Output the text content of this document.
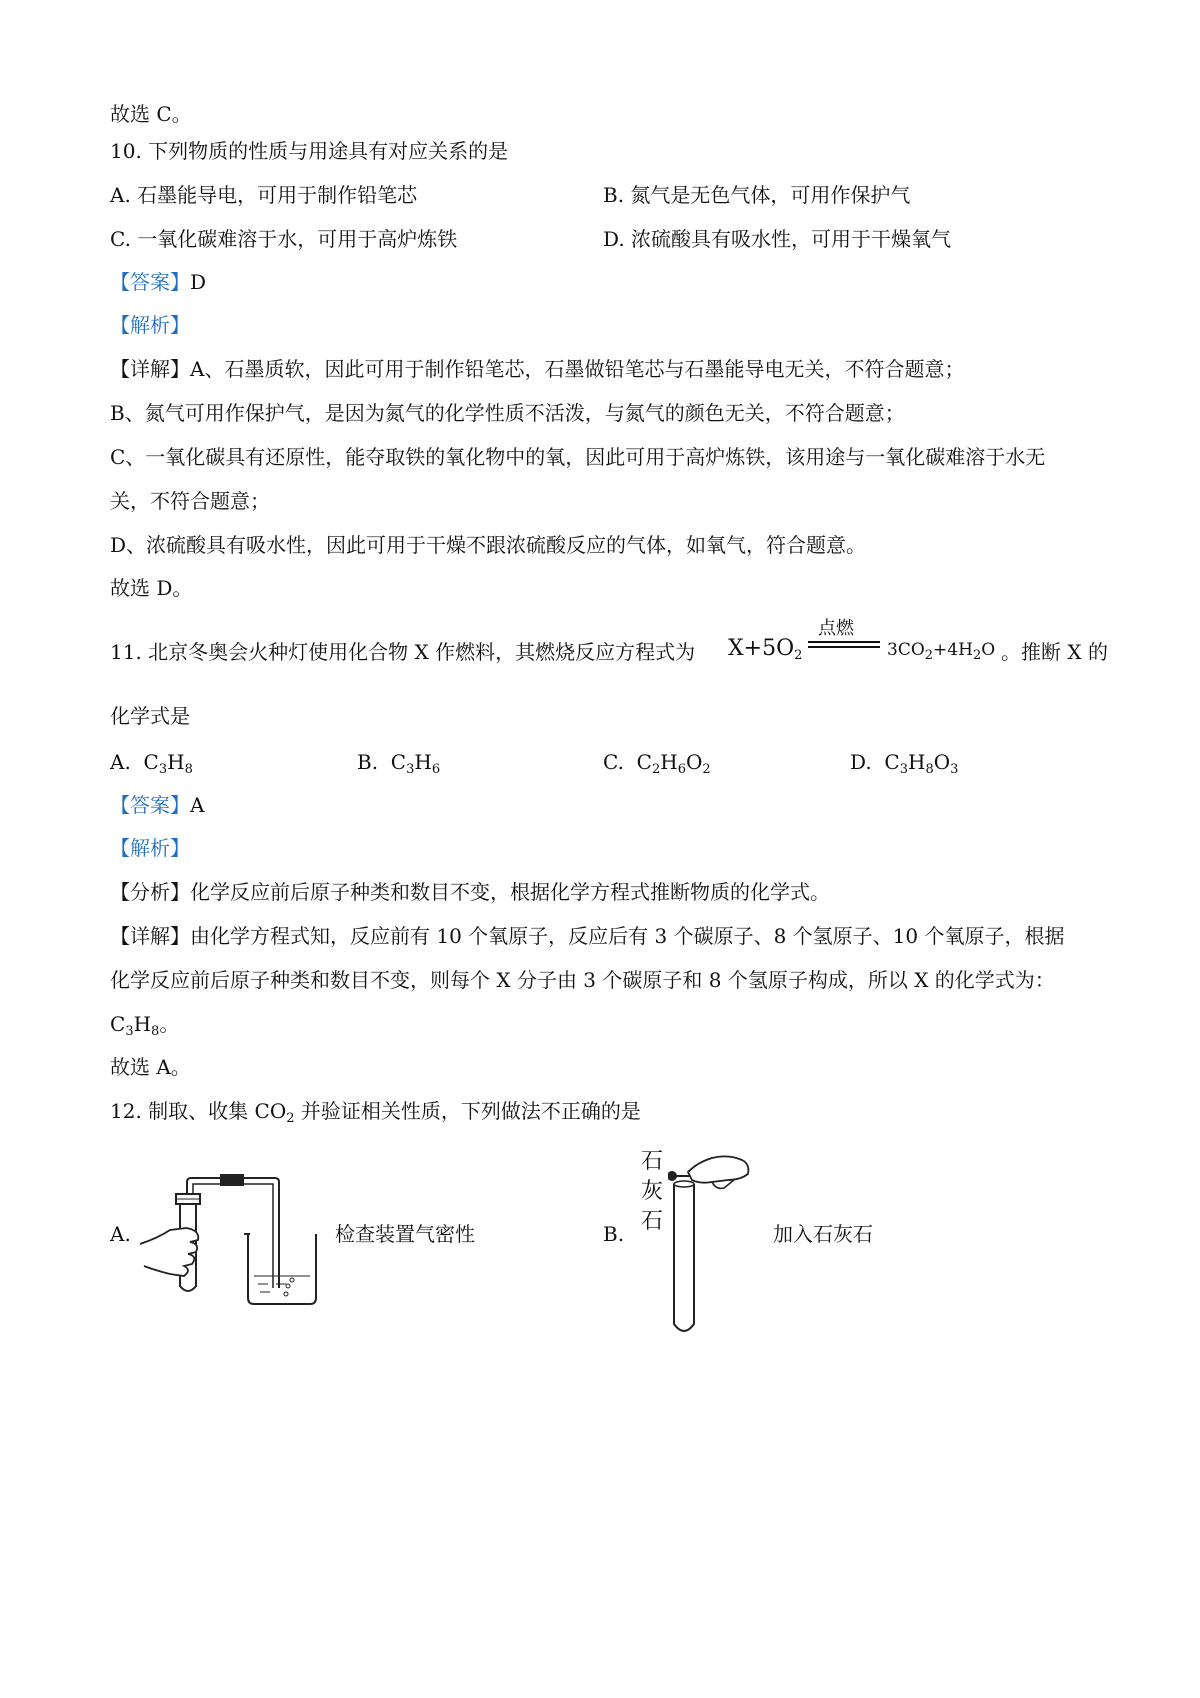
故选 C。
10. 下列物质的性质与用途具有对应关系的是
A. 石墨能导电，可用于制作铅笔芯	B. 氮气是无色气体，可用作保护气
C. 一氧化碳难溶于水，可用于高炉炼铁	D. 浓硫酸具有吸水性，可用于干燥氧气
【答案】D
【解析】
【详解】A、石墨质软，因此可用于制作铅笔芯，石墨做铅笔芯与石墨能导电无关，不符合题意；
B、氮气可用作保护气，是因为氮气的化学性质不活泼，与氮气的颜色无关，不符合题意；
C、一氧化碳具有还原性，能夺取铁的氧化物中的氧，因此可用于高炉炼铁，该用途与一氧化碳难溶于水无
关，不符合题意；
D、浓硫酸具有吸水性，因此可用于干燥不跟浓硫酸反应的气体，如氧气，符合题意。
故选 D。
11. 北京冬奥会火种灯使用化合物 X 作燃料，其燃烧反应方程式为 $X+5O_2$
点燃
$3CO_2+4H_2O$ 。推断 X 的
化学式是
A.  $C_3H_8$	B.  $C_3H_6$	C.  $C_2H_6O_2$	D.  $C_3H_8O_3$
【答案】A
【解析】
【分析】化学反应前后原子种类和数目不变，根据化学方程式推断物质的化学式。
【详解】由化学方程式知，反应前有 10 个氧原子，反应后有 3 个碳原子、8 个氢原子、10 个氧原子，根据
化学反应前后原子种类和数目不变，则每个 X 分子由 3 个碳原子和 8 个氢原子构成，所以 X 的化学式为：
$C_3H_8$。
故选 A。
12. 制取、收集 $CO_2$ 并验证相关性质，下列做法不正确的是
A.	检查装置气密性	B.
石
灰
石	加入石灰石
